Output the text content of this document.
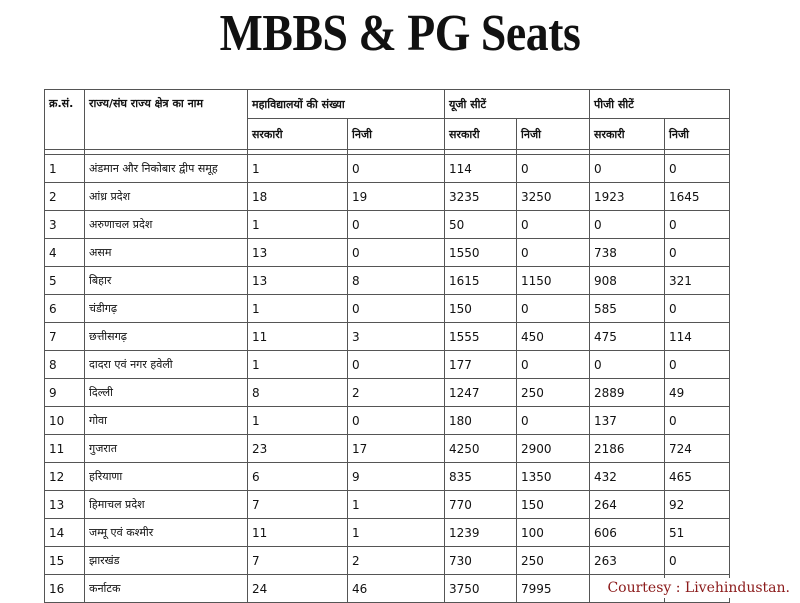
MBBS & PG Seats
क्र.सं.	राज्य/संघ राज्य क्षेत्र का नाम	महाविद्यालयों की संख्या		यूजी सीटें		पीजी सीटें	
		सरकारी	निजी	सरकारी	निजी	सरकारी	निजी

1	अंडमान और निकोबार द्वीप समूह	1	0	114	0	0	0
2	आंध्र प्रदेश	18	19	3235	3250	1923	1645
3	अरुणाचल प्रदेश	1	0	50	0	0	0
4	असम	13	0	1550	0	738	0
5	बिहार	13	8	1615	1150	908	321
6	चंडीगढ़	1	0	150	0	585	0
7	छत्तीसगढ़	11	3	1555	450	475	114
8	दादरा एवं नगर हवेली	1	0	177	0	0	0
9	दिल्ली	8	2	1247	250	2889	49
10	गोवा	1	0	180	0	137	0
11	गुजरात	23	17	4250	2900	2186	724
12	हरियाणा	6	9	835	1350	432	465
13	हिमाचल प्रदेश	7	1	770	150	264	92
14	जम्मू एवं कश्मीर	11	1	1239	100	606	51
15	झारखंड	7	2	730	250	263	0
16	कर्नाटक	24	46	3750	7995			Courtesy : Livehindustan.
